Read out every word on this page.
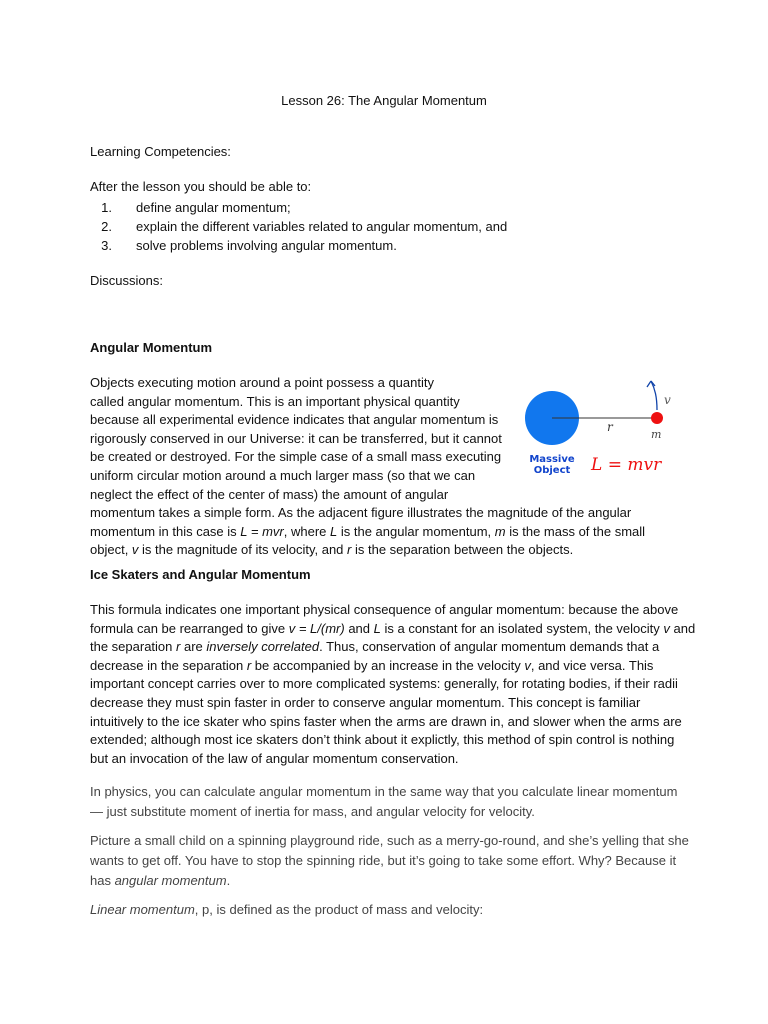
Lesson 26: The Angular Momentum
Learning Competencies:
After the lesson you should be able to:
1. define angular momentum;
2. explain the different variables related to angular momentum, and
3. solve problems involving angular momentum.
Discussions:
Angular Momentum
Objects executing motion around a point possess a quantity
called angular momentum. This is an important physical quantity
because all experimental evidence indicates that angular momentum is
rigorously conserved in our Universe: it can be transferred, but it cannot
be created or destroyed. For the simple case of a small mass executing
uniform circular motion around a much larger mass (so that we can
neglect the effect of the center of mass) the amount of angular
momentum takes a simple form. As the adjacent figure illustrates the magnitude of the angular
momentum in this case is L = mvr, where L is the angular momentum, m is the mass of the small
object, v is the magnitude of its velocity, and r is the separation between the objects.
v
r
m
Massive
Object L = mvr
Ice Skaters and Angular Momentum
This formula indicates one important physical consequence of angular momentum: because the above
formula can be rearranged to give v = L/(mr) and L is a constant for an isolated system, the velocity v and
the separation r are inversely correlated. Thus, conservation of angular momentum demands that a
decrease in the separation r be accompanied by an increase in the velocity v, and vice versa. This
important concept carries over to more complicated systems: generally, for rotating bodies, if their radii
decrease they must spin faster in order to conserve angular momentum. This concept is familiar
intuitively to the ice skater who spins faster when the arms are drawn in, and slower when the arms are
extended; although most ice skaters don’t think about it explictly, this method of spin control is nothing
but an invocation of the law of angular momentum conservation.
In physics, you can calculate angular momentum in the same way that you calculate linear momentum
— just substitute moment of inertia for mass, and angular velocity for velocity.
Picture a small child on a spinning playground ride, such as a merry-go-round, and she’s yelling that she
wants to get off. You have to stop the spinning ride, but it’s going to take some effort. Why? Because it
has angular momentum.
Linear momentum, p, is defined as the product of mass and velocity:
